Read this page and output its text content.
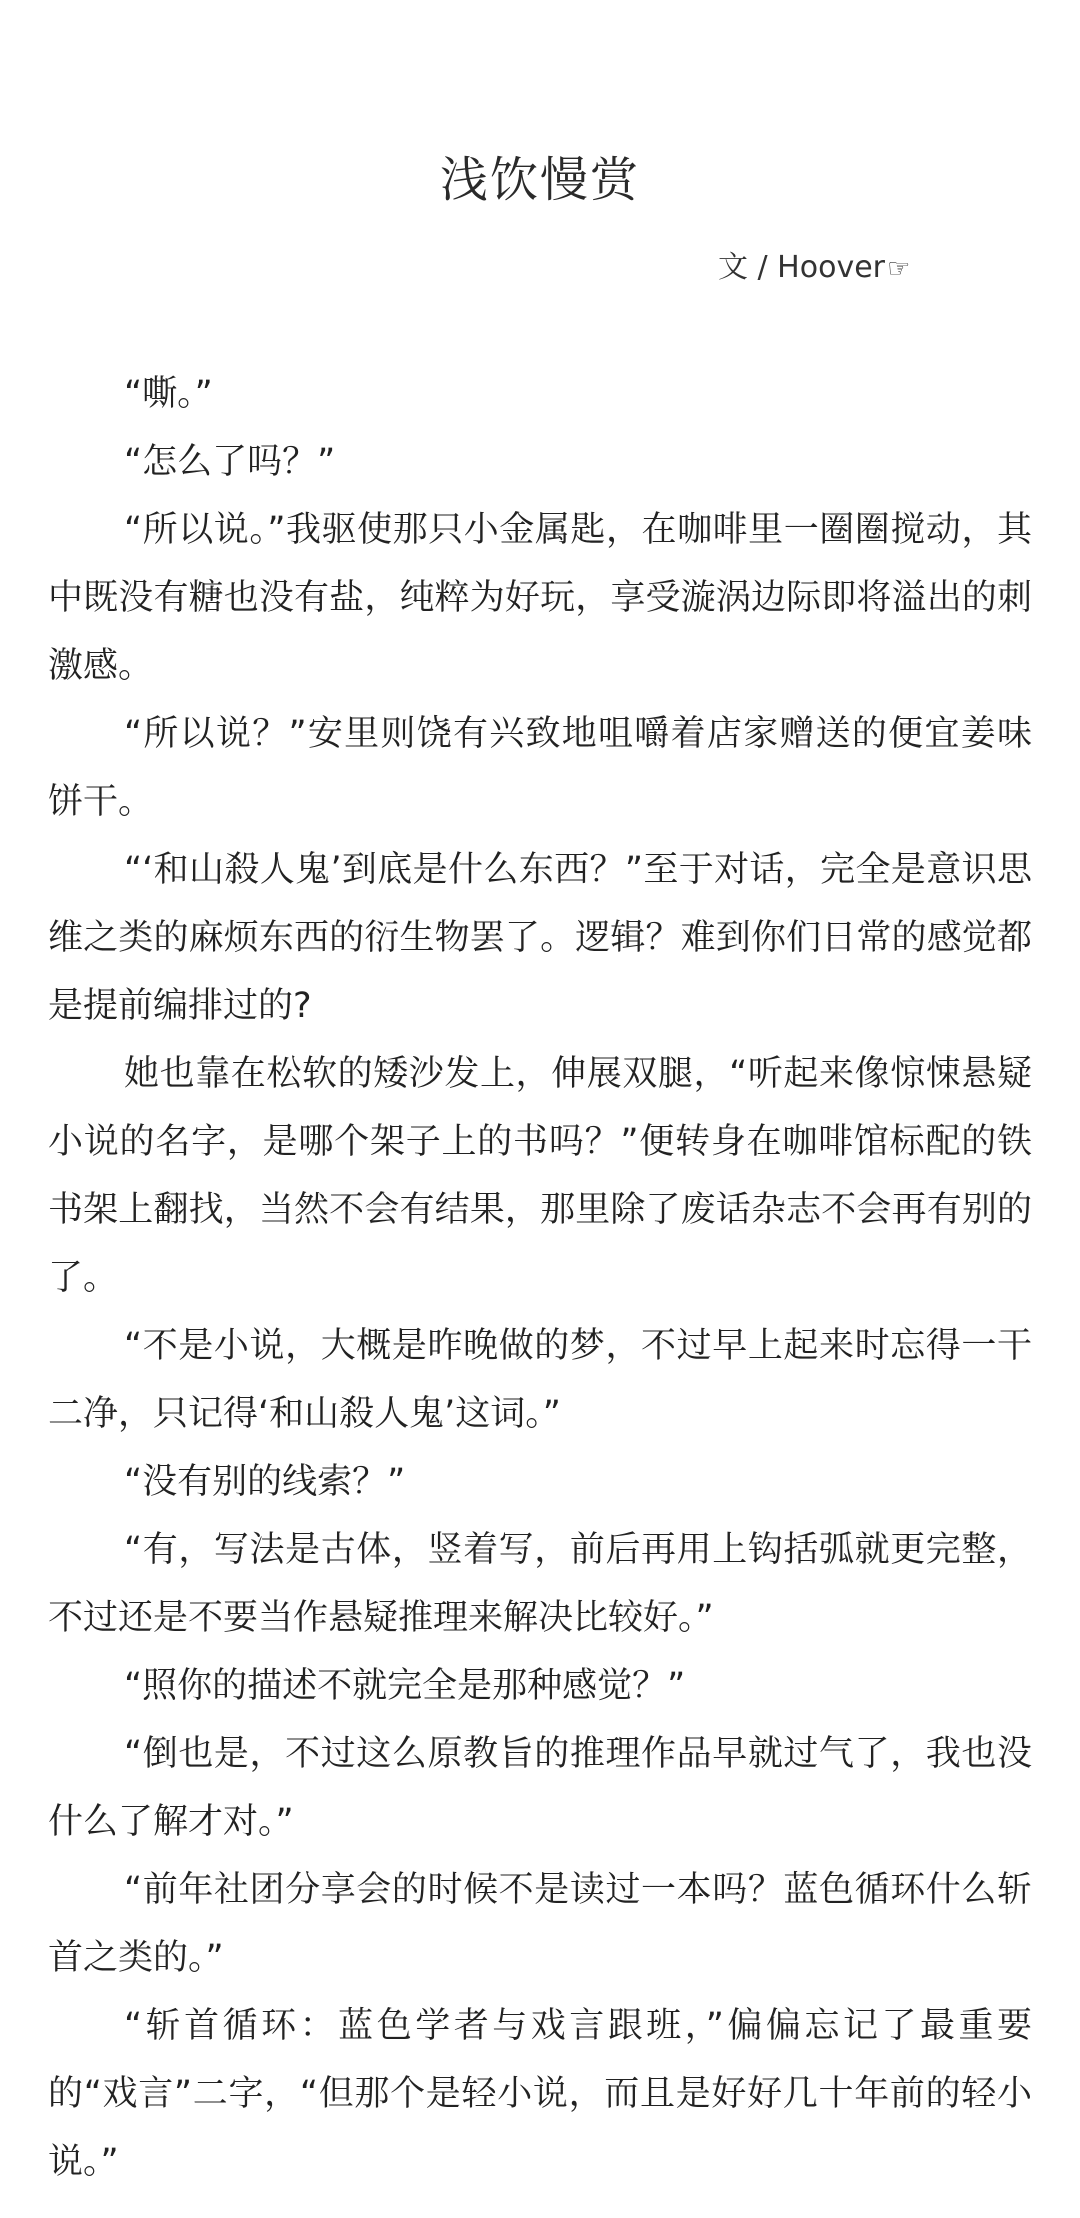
浅饮慢赏
文 / Hoover☞

“嘶。”

“怎么了吗？”

“所以说。”我驱使那只小金属匙，在咖啡里一圈圈搅动，其中既没有糖也没有盐，纯粹为好玩，享受漩涡边际即将溢出的刺激感。

“所以说？”安里则饶有兴致地咀嚼着店家赠送的便宜姜味饼干。

“‘和山殺人鬼’到底是什么东西？”至于对话，完全是意识思维之类的麻烦东西的衍生物罢了。逻辑？难到你们日常的感觉都是提前编排过的?

她也靠在松软的矮沙发上，伸展双腿，“听起来像惊悚悬疑小说的名字，是哪个架子上的书吗？”便转身在咖啡馆标配的铁书架上翻找，当然不会有结果，那里除了废话杂志不会再有别的了。

“不是小说，大概是昨晚做的梦，不过早上起来时忘得一干二净，只记得‘和山殺人鬼’这词。”

“没有别的线索？”

“有，写法是古体，竖着写，前后再用上钩括弧就更完整，不过还是不要当作悬疑推理来解决比较好。”

“照你的描述不就完全是那种感觉？”

“倒也是，不过这么原教旨的推理作品早就过气了，我也没什么了解才对。”

“前年社团分享会的时候不是读过一本吗？蓝色循环什么斩首之类的。”

“斩首循环：蓝色学者与戏言跟班，”偏偏忘记了最重要的“戏言”二字，“但那个是轻小说，而且是好好几十年前的轻小说。”
